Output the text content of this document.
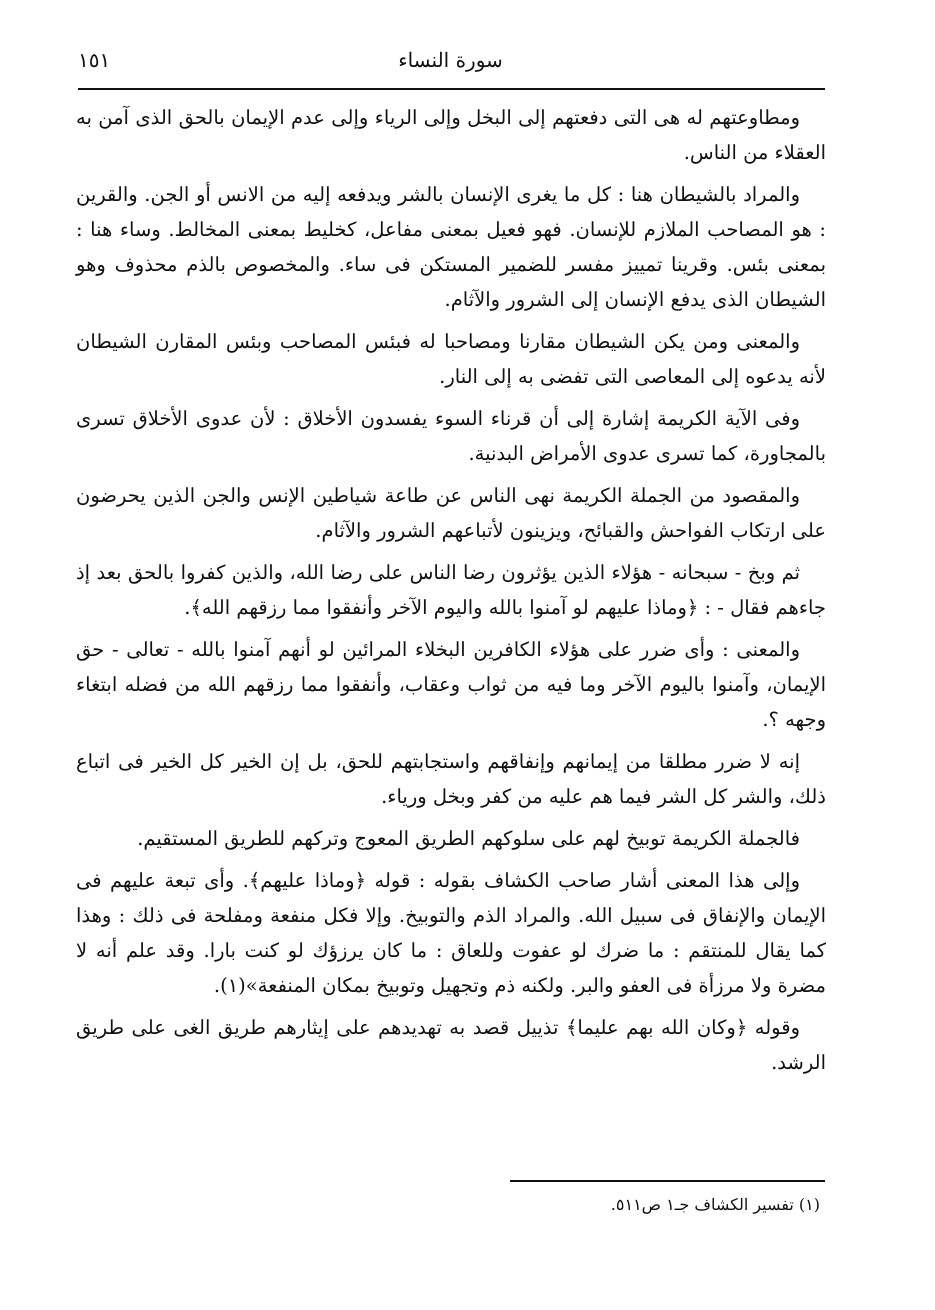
سورة النساء
١٥١

ومطاوعتهم له هى التى دفعتهم إلى البخل وإلى الرياء وإلى عدم الإيمان بالحق الذى آمن به العقلاء من الناس.

والمراد بالشيطان هنا : كل ما يغرى الإنسان بالشر ويدفعه إليه من الانس أو الجن. والقرين : هو المصاحب الملازم للإنسان. فهو فعيل بمعنى مفاعل، كخليط بمعنى المخالط. وساء هنا : بمعنى بئس. وقرينا تمييز مفسر للضمير المستكن فى ساء. والمخصوص بالذم محذوف وهو الشيطان الذى يدفع الإنسان إلى الشرور والآثام.

والمعنى ومن يكن الشيطان مقارنا ومصاحبا له فبئس المصاحب وبئس المقارن الشيطان لأنه يدعوه إلى المعاصى التى تفضى به إلى النار.

وفى الآية الكريمة إشارة إلى أن قرناء السوء يفسدون الأخلاق : لأن عدوى الأخلاق تسرى بالمجاورة، كما تسرى عدوى الأمراض البدنية.

والمقصود من الجملة الكريمة نهى الناس عن طاعة شياطين الإنس والجن الذين يحرضون على ارتكاب الفواحش والقبائح، ويزينون لأتباعهم الشرور والآثام.

ثم وبخ - سبحانه - هؤلاء الذين يؤثرون رضا الناس على رضا الله، والذين كفروا بالحق بعد إذ جاءهم فقال - : ﴿وماذا عليهم لو آمنوا بالله واليوم الآخر وأنفقوا مما رزقهم الله﴾.

والمعنى : وأى ضرر على هؤلاء الكافرين البخلاء المرائين لو أنهم آمنوا بالله - تعالى - حق الإيمان، وآمنوا باليوم الآخر وما فيه من ثواب وعقاب، وأنفقوا مما رزقهم الله من فضله ابتغاء وجهه ؟.

إنه لا ضرر مطلقا من إيمانهم وإنفاقهم واستجابتهم للحق، بل إن الخير كل الخير فى اتباع ذلك، والشر كل الشر فيما هم عليه من كفر وبخل ورياء.

فالجملة الكريمة توبيخ لهم على سلوكهم الطريق المعوج وتركهم للطريق المستقيم.

وإلى هذا المعنى أشار صاحب الكشاف بقوله : قوله ﴿وماذا عليهم﴾. وأى تبعة عليهم فى الإيمان والإنفاق فى سبيل الله. والمراد الذم والتوبيخ. وإلا فكل منفعة ومفلحة فى ذلك : وهذا كما يقال للمنتقم : ما ضرك لو عفوت وللعاق : ما كان يرزؤك لو كنت بارا. وقد علم أنه لا مضرة ولا مرزأة فى العفو والبر. ولكنه ذم وتجهيل وتوبيخ بمكان المنفعة»(١).

وقوله ﴿وكان الله بهم عليما﴾ تذييل قصد به تهديدهم على إيثارهم طريق الغى على طريق الرشد.

(١) تفسير الكشاف جـ١ ص٥١١.
